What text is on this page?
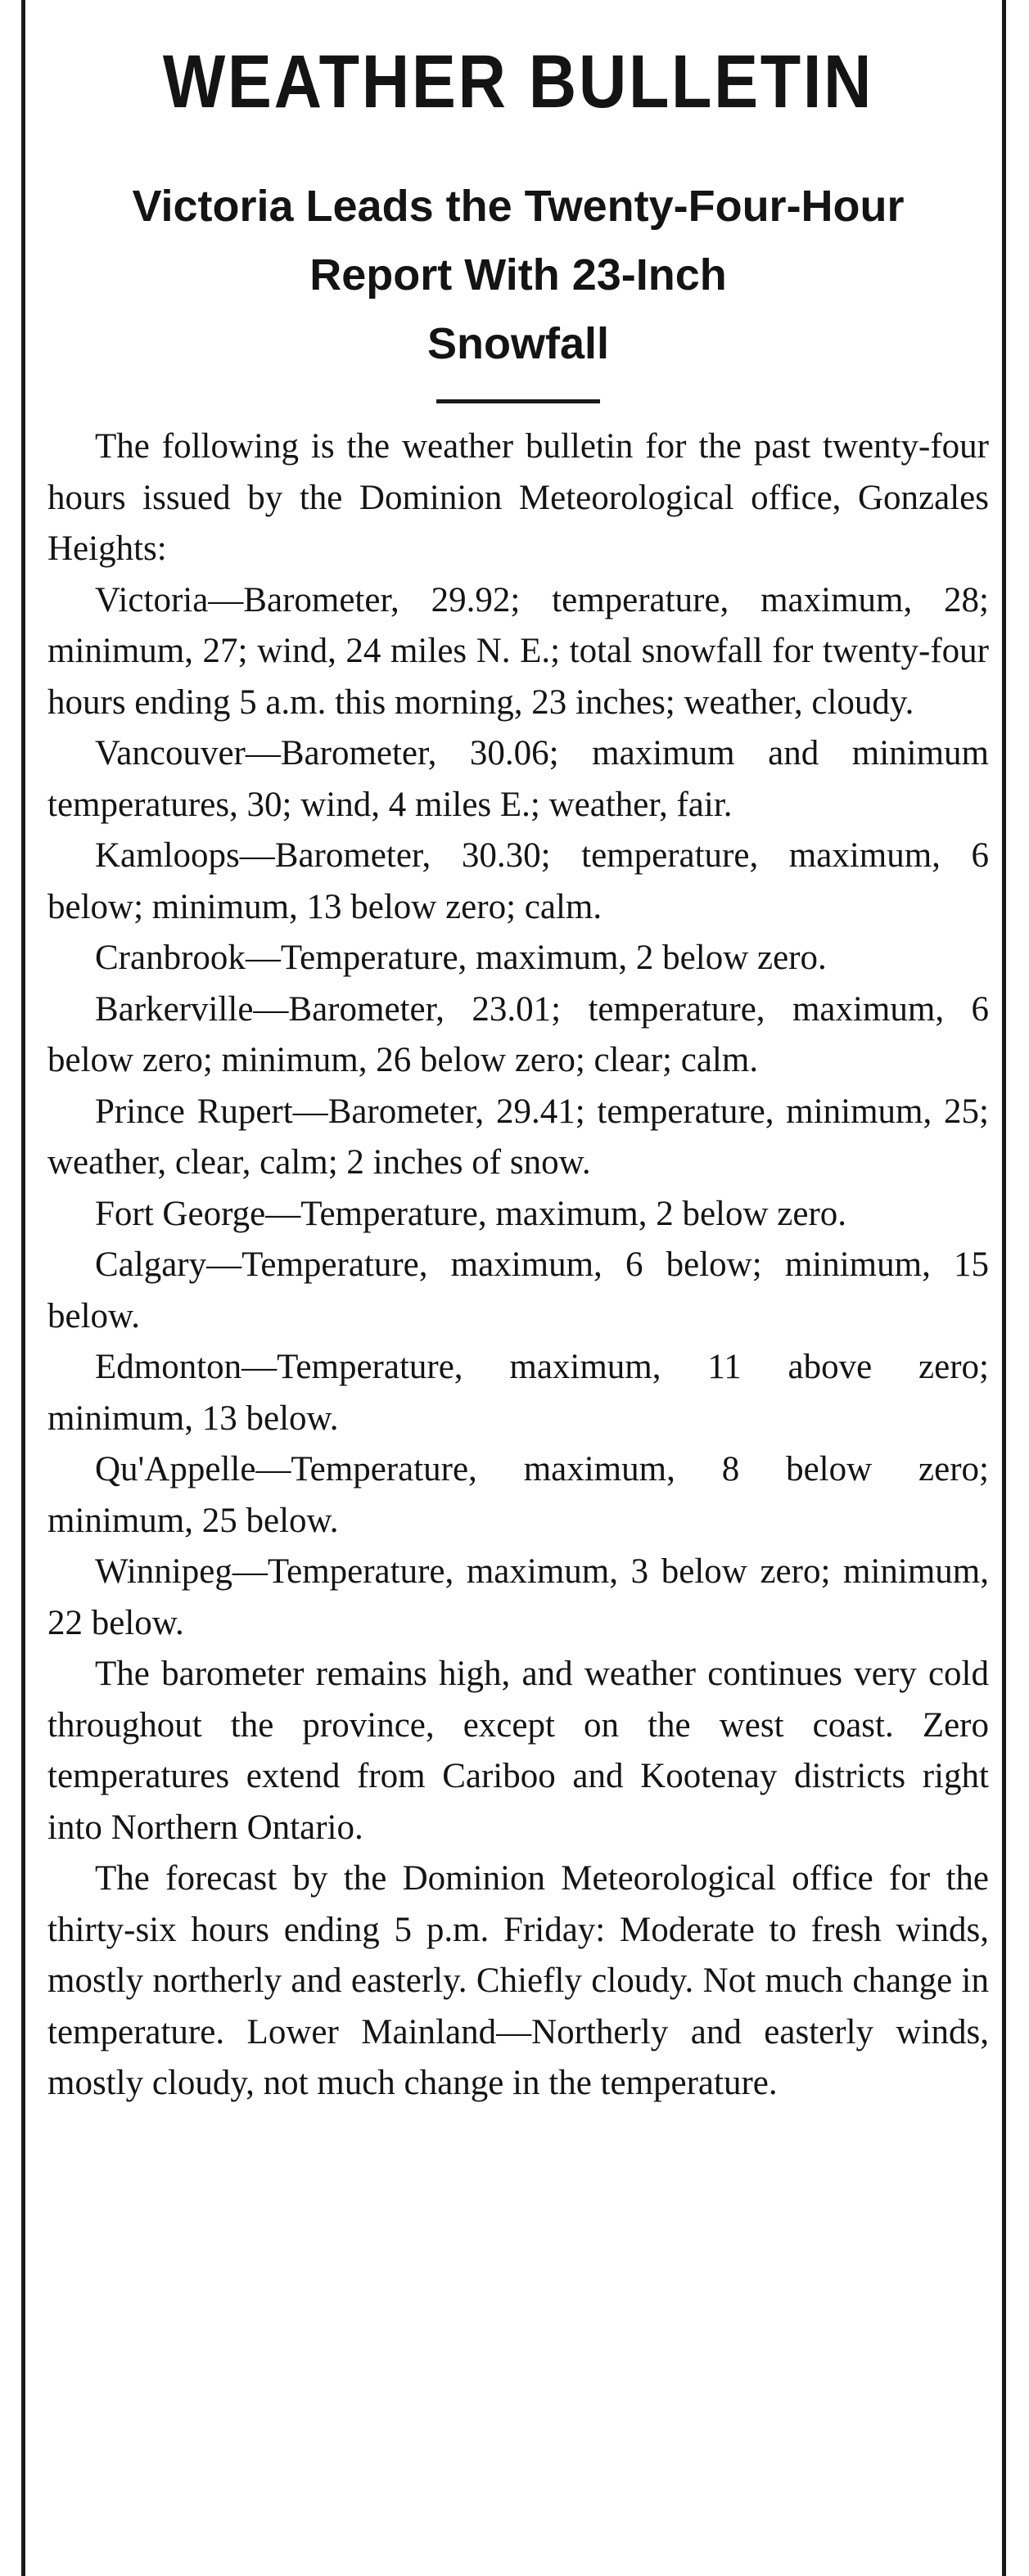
WEATHER BULLETIN
Victoria Leads the Twenty-Four-Hour
Report With 23-Inch
Snowfall

The following is the weather bulletin for the past twenty-four hours issued by the Dominion Meteorological office, Gonzales Heights:

Victoria—Barometer, 29.92; temperature, maximum, 28; minimum, 27; wind, 24 miles N. E.; total snowfall for twenty-four hours ending 5 a.m. this morning, 23 inches; weather, cloudy.

Vancouver—Barometer, 30.06; maximum and minimum temperatures, 30; wind, 4 miles E.; weather, fair.

Kamloops—Barometer, 30.30; temperature, maximum, 6 below; minimum, 13 below zero; calm.

Cranbrook—Temperature, maximum, 2 below zero.

Barkerville—Barometer, 23.01; temperature, maximum, 6 below zero; minimum, 26 below zero; clear; calm.

Prince Rupert—Barometer, 29.41; temperature, minimum, 25; weather, clear, calm; 2 inches of snow.

Fort George—Temperature, maximum, 2 below zero.

Calgary—Temperature, maximum, 6 below; minimum, 15 below.

Edmonton—Temperature, maximum, 11 above zero; minimum, 13 below.

Qu'Appelle—Temperature, maximum, 8 below zero; minimum, 25 below.

Winnipeg—Temperature, maximum, 3 below zero; minimum, 22 below.

The barometer remains high, and weather continues very cold throughout the province, except on the west coast. Zero temperatures extend from Cariboo and Kootenay districts right into Northern Ontario.

The forecast by the Dominion Meteorological office for the thirty-six hours ending 5 p.m. Friday: Moderate to fresh winds, mostly northerly and easterly. Chiefly cloudy. Not much change in temperature. Lower Mainland—Northerly and easterly winds, mostly cloudy, not much change in the temperature.
